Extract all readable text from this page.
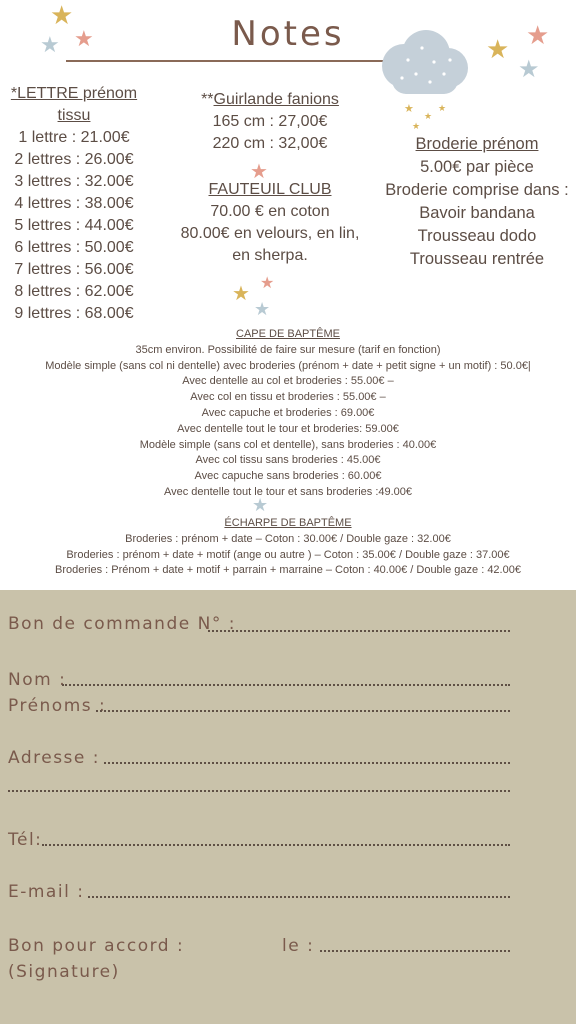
Notes
★
★ ★	★ ★
★
★
★
★
★
★
★ ★
★
★
*LETTRE prénom
tissu
1 lettre : 21.00€
2 lettres : 26.00€
3 lettres : 32.00€
4 lettres : 38.00€
5 lettres : 44.00€
6 lettres : 50.00€
7 lettres : 56.00€
8 lettres : 62.00€
9 lettres : 68.00€
**Guirlande fanions
165 cm : 27,00€
220 cm : 32,00€
FAUTEUIL CLUB
70.00 € en coton
80.00€ en velours, en lin,
en sherpa.
Broderie prénom
5.00€ par pièce
Broderie comprise dans :
Bavoir bandana
Trousseau dodo
Trousseau rentrée
CAPE DE BAPTÊME
35cm environ. Possibilité de faire sur mesure (tarif en fonction)
Modèle simple (sans col ni dentelle) avec broderies (prénom + date + petit signe + un motif) : 50.0€|
Avec dentelle au col et broderies : 55.00€ –
Avec col en tissu et broderies : 55.00€ –
Avec capuche et broderies : 69.00€
Avec dentelle tout le tour et broderies: 59.00€
Modèle simple (sans col et dentelle), sans broderies : 40.00€
Avec col tissu sans broderies : 45.00€
Avec capuche sans broderies : 60.00€
Avec dentelle tout le tour et sans broderies :49.00€
ÉCHARPE DE BAPTÊME
Broderies : prénom + date – Coton : 30.00€ / Double gaze : 32.00€
Broderies : prénom + date + motif (ange ou autre ) – Coton : 35.00€ / Double gaze : 37.00€
Broderies : Prénom + date + motif + parrain + marraine – Coton : 40.00€ / Double gaze : 42.00€
Bon de commande N° :
Nom :
Prénoms :
Adresse :
Tél:
E-mail :
Bon pour accord :
(Signature)
le :
